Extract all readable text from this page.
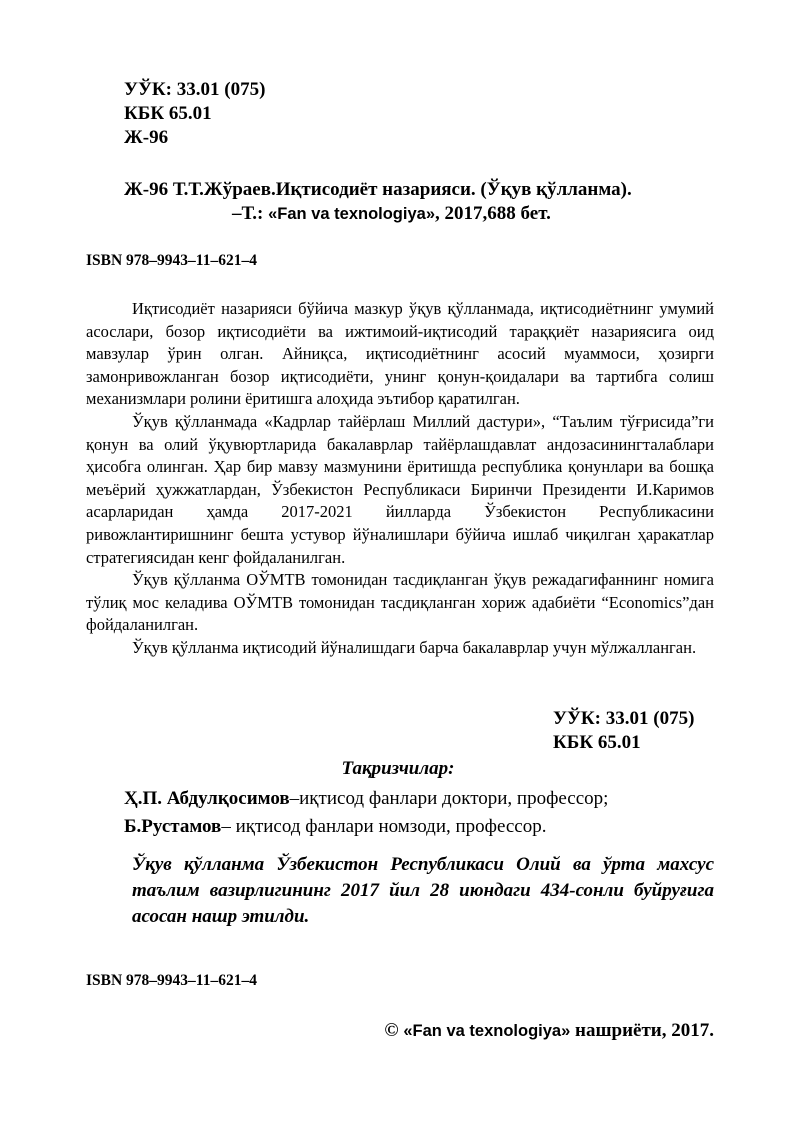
УЎК: 33.01 (075)
КБК 65.01
Ж-96
Ж-96 Т.Т.Жўраев.Иқтисодиёт назарияси. (Ўқув қўлланма).
–Т.: «Fan va texnologiya», 2017,688 бет.
ISBN 978–9943–11–621–4

Иқтисодиёт назарияси бўйича мазкур ўқув қўлланмада, иқтисодиётнинг умумий асослари, бозор иқтисодиёти ва ижтимоий-иқтисодий тараққиёт назариясига оид мавзулар ўрин олган. Айниқса, иқтисодиётнинг асосий муаммоси, ҳозирги замонривожланган бозор иқтисодиёти, унинг қонун-қоидалари ва тартибга солиш механизмлари ролини ёритишга алоҳида эътибор қаратилган.

Ўқув қўлланмада «Кадрлар тайёрлаш Миллий дастури», “Таълим тўғрисида”ги қонун ва олий ўқувюртларида бакалаврлар тайёрлашдавлат андозасинингталаблари ҳисобга олинган. Ҳар бир мавзу мазмунини ёритишда республика қонунлари ва бошқа меъёрий ҳужжатлардан, Ўзбекистон Республикаси Биринчи Президенти И.Каримов асарларидан ҳамда 2017-2021 йилларда Ўзбекистон Республикасини ривожлантиришнинг бешта устувор йўналишлари бўйича ишлаб чиқилган ҳаракатлар стратегиясидан кенг фойдаланилган.

Ўқув қўлланма ОЎМТВ томонидан тасдиқланган ўқув режадагифаннинг номига тўлиқ мос келадива ОЎМТВ томонидан тасдиқланган хориж адабиёти “Economics”дан фойдаланилган.

Ўқув қўлланма иқтисодий йўналишдаги барча бакалаврлар учун мўлжалланган.

УЎК: 33.01 (075)
КБК 65.01
Тақризчилар:
Ҳ.П. Абдулқосимов–иқтисод фанлари доктори, профессор;
Б.Рустамов– иқтисод фанлари номзоди, профессор.

Ўқув қўлланма Ўзбекистон Республикаси Олий ва ўрта махсус таълим вазирлигининг 2017 йил 28 июндаги 434-сонли буйруғига асосан нашр этилди.

ISBN 978–9943–11–621–4
© «Fan va texnologiya» нашриёти, 2017.
